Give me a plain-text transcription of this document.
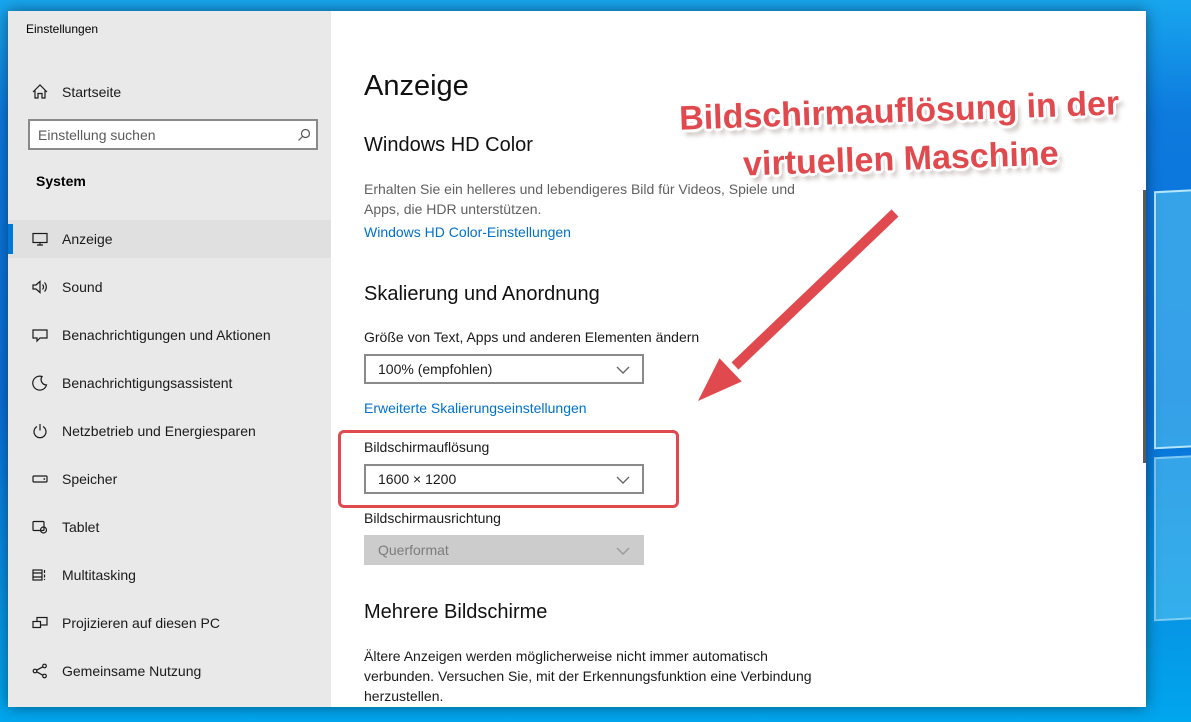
Einstellungen
Startseite
Einstellung suchen
System
Anzeige
Sound
Benachrichtigungen und Aktionen
Benachrichtigungsassistent
Netzbetrieb und Energiesparen
Speicher
Tablet
Multitasking
Projizieren auf diesen PC
Gemeinsame Nutzung
Anzeige
Windows HD Color
Erhalten Sie ein helleres und lebendigeres Bild für Videos, Spiele und Apps, die HDR unterstützen.
Windows HD Color-Einstellungen
Skalierung und Anordnung
Größe von Text, Apps und anderen Elementen ändern
100% (empfohlen)
Erweiterte Skalierungseinstellungen
Bildschirmauflösung
1600 × 1200
Bildschirmausrichtung
Querformat
Mehrere Bildschirme
Ältere Anzeigen werden möglicherweise nicht immer automatisch verbunden. Versuchen Sie, mit der Erkennungsfunktion eine Verbindung herzustellen.
Bildschirmauflösung in der
virtuellen Maschine
